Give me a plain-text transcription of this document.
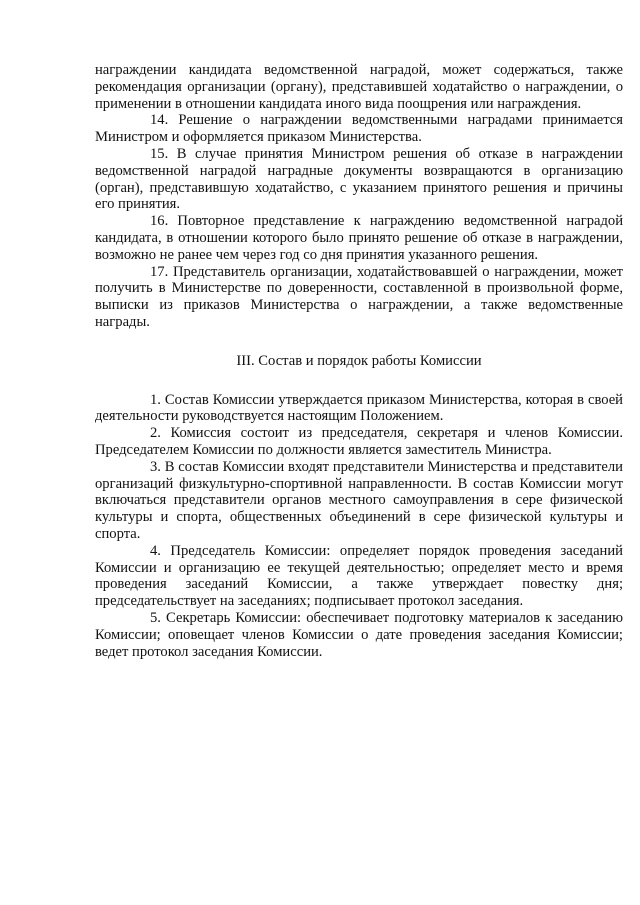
награждении кандидата ведомственной наградой, может содержаться, также рекомендация организации (органу), представившей ходатайство о награждении, о применении в отношении кандидата иного вида поощрения или награждения.

14. Решение о награждении ведомственными наградами принимается Министром и оформляется приказом Министерства.

15. В случае принятия Министром решения об отказе в награждении ведомственной наградой наградные документы возвращаются в организацию (орган), представившую ходатайство, с указанием принятого решения и причины его принятия.

16. Повторное представление к награждению ведомственной наградой кандидата, в отношении которого было принято решение об отказе в награждении, возможно не ранее чем через год со дня принятия указанного решения.

17. Представитель организации, ходатайствовавшей о награждении, может получить в Министерстве по доверенности, составленной в произвольной форме, выписки из приказов Министерства о награждении, а также ведомственные награды.

III. Состав и порядок работы Комиссии

1. Состав Комиссии утверждается приказом Министерства, которая в своей деятельности руководствуется настоящим Положением.

2. Комиссия состоит из председателя, секретаря и членов Комиссии. Председателем Комиссии по должности является заместитель Министра.

3. В состав Комиссии входят представители Министерства и представители организаций физкультурно-спортивной направленности. В состав Комиссии могут включаться представители органов местного самоуправления в сере физической культуры и спорта, общественных объединений в сере физической культуры и спорта.

4. Председатель Комиссии: определяет порядок проведения заседаний Комиссии и организацию ее текущей деятельностью; определяет место и время проведения заседаний Комиссии, а также утверждает повестку дня; председательствует на заседаниях; подписывает протокол заседания.

5. Секретарь Комиссии: обеспечивает подготовку материалов к заседанию Комиссии; оповещает членов Комиссии о дате проведения заседания Комиссии; ведет протокол заседания Комиссии.
